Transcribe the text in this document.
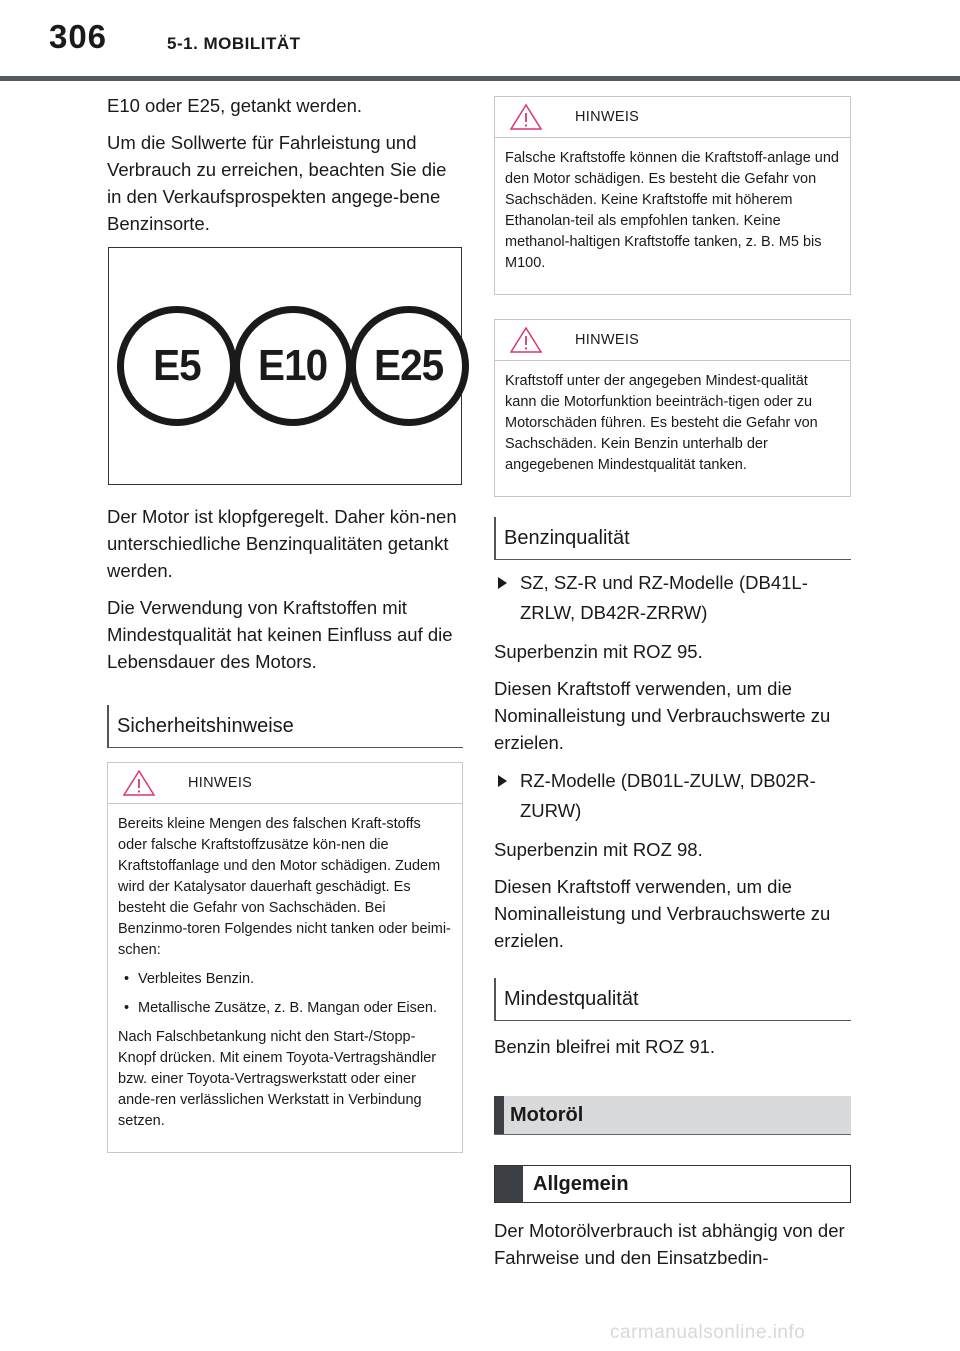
306	5-1. MOBILITÄT

E10 oder E25, getankt werden.

Um die Sollwerte für Fahrleistung und Verbrauch zu erreichen, beachten Sie die in den Verkaufsprospekten angege-bene Benzinsorte.

E5 E10 E25

Der Motor ist klopfgeregelt. Daher kön-nen unterschiedliche Benzinqualitäten getankt werden.

Die Verwendung von Kraftstoffen mit Mindestqualität hat keinen Einfluss auf die Lebensdauer des Motors.

Sicherheitshinweise
HINWEIS

Bereits kleine Mengen des falschen Kraft-stoffs oder falsche Kraftstoffzusätze kön-nen die Kraftstoffanlage und den Motor schädigen. Zudem wird der Katalysator dauerhaft geschädigt. Es besteht die Gefahr von Sachschäden. Bei Benzinmo-toren Folgendes nicht tanken oder beimi-schen:

• Verbleites Benzin.
• Metallische Zusätze, z. B. Mangan oder Eisen.

Nach Falschbetankung nicht den Start-/Stopp-Knopf drücken. Mit einem Toyota-Vertragshändler bzw. einer Toyota-Vertragswerkstatt oder einer ande-ren verlässlichen Werkstatt in Verbindung setzen.

HINWEIS

Falsche Kraftstoffe können die Kraftstoff-anlage und den Motor schädigen. Es besteht die Gefahr von Sachschäden. Keine Kraftstoffe mit höherem Ethanolan-teil als empfohlen tanken. Keine methanol-haltigen Kraftstoffe tanken, z. B. M5 bis M100.

HINWEIS

Kraftstoff unter der angegeben Mindest-qualität kann die Motorfunktion beeinträch-tigen oder zu Motorschäden führen. Es besteht die Gefahr von Sachschäden. Kein Benzin unterhalb der angegebenen Mindestqualität tanken.

Benzinqualität
SZ, SZ-R und RZ-Modelle (DB41L-ZRLW, DB42R-ZRRW)

Superbenzin mit ROZ 95.

Diesen Kraftstoff verwenden, um die Nominalleistung und Verbrauchswerte zu erzielen.

RZ-Modelle (DB01L-ZULW, DB02R-ZURW)

Superbenzin mit ROZ 98.

Diesen Kraftstoff verwenden, um die Nominalleistung und Verbrauchswerte zu erzielen.

Mindestqualität

Benzin bleifrei mit ROZ 91.

Motoröl
Allgemein

Der Motorölverbrauch ist abhängig von der Fahrweise und den Einsatzbedin-

carmanualsonline.info
